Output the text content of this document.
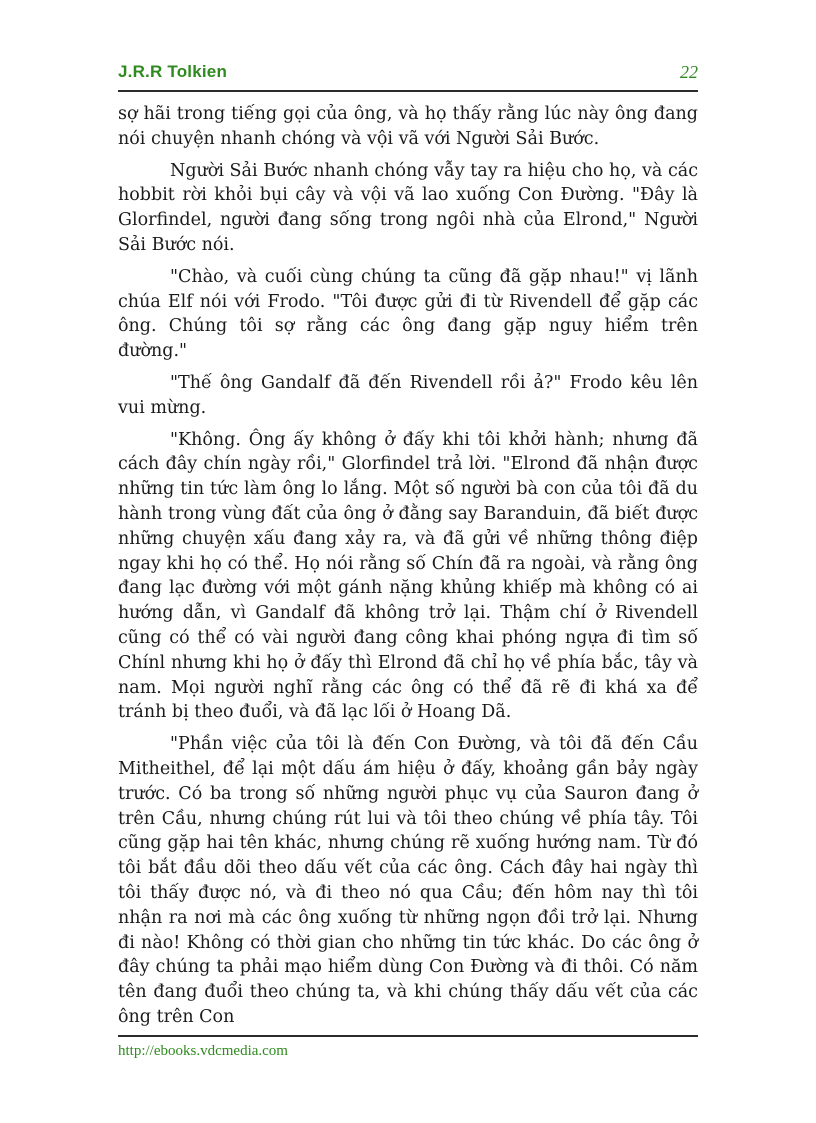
J.R.R Tolkien	22

sợ hãi trong tiếng gọi của ông, và họ thấy rằng lúc này ông đang nói chuyện nhanh chóng và vội vã với Người Sải Bước.

Người Sải Bước nhanh chóng vẫy tay ra hiệu cho họ, và các hobbit rời khỏi bụi cây và vội vã lao xuống Con Đường. "Đây là Glorfindel, người đang sống trong ngôi nhà của Elrond," Người Sải Bước nói.

"Chào, và cuối cùng chúng ta cũng đã gặp nhau!" vị lãnh chúa Elf nói với Frodo. "Tôi được gửi đi từ Rivendell để gặp các ông. Chúng tôi sợ rằng các ông đang gặp nguy hiểm trên đường."

"Thế ông Gandalf đã đến Rivendell rồi ả?" Frodo kêu lên vui mừng.

"Không. Ông ấy không ở đấy khi tôi khởi hành; nhưng đã cách đây chín ngày rồi," Glorfindel trả lời. "Elrond đã nhận được những tin tức làm ông lo lắng. Một số người bà con của tôi đã du hành trong vùng đất của ông ở đằng say Baranduin, đã biết được những chuyện xấu đang xảy ra, và đã gửi về những thông điệp ngay khi họ có thể. Họ nói rằng số Chín đã ra ngoài, và rằng ông đang lạc đường với một gánh nặng khủng khiếp mà không có ai hướng dẫn, vì Gandalf đã không trở lại. Thậm chí ở Rivendell cũng có thể có vài người đang công khai phóng ngựa đi tìm số Chínl nhưng khi họ ở đấy thì Elrond đã chỉ họ về phía bắc, tây và nam. Mọi người nghĩ rằng các ông có thể đã rẽ đi khá xa để tránh bị theo đuổi, và đã lạc lối ở Hoang Dã.

"Phần việc của tôi là đến Con Đường, và tôi đã đến Cầu Mitheithel, để lại một dấu ám hiệu ở đấy, khoảng gần bảy ngày trước. Có ba trong số những người phục vụ của Sauron đang ở trên Cầu, nhưng chúng rút lui và tôi theo chúng về phía tây. Tôi cũng gặp hai tên khác, nhưng chúng rẽ xuống hướng nam. Từ đó tôi bắt đầu dõi theo dấu vết của các ông. Cách đây hai ngày thì tôi thấy được nó, và đi theo nó qua Cầu; đến hôm nay thì tôi nhận ra nơi mà các ông xuống từ những ngọn đồi trở lại. Nhưng đi nào! Không có thời gian cho những tin tức khác. Do các ông ở đây chúng ta phải mạo hiểm dùng Con Đường và đi thôi. Có năm tên đang đuổi theo chúng ta, và khi chúng thấy dấu vết của các ông trên Con

http://ebooks.vdcmedia.com
